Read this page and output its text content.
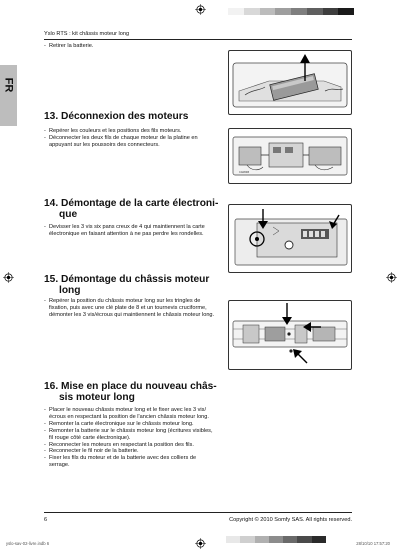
Yslo RTS : kit châssis moteur long
FR
- Retirer la batterie.
13. Déconnexion des moteurs
- Repérer les couleurs et les positions des fils moteurs.
- Déconnecter les deux fils de chaque moteur de la platine en appuyant sur les poussoirs des connecteurs.
14. Démontage de la carte électroni-
que
- Devisser les 3 vis six pans creux de 4 qui maintiennent la carte électronique en faisant attention à ne pas perdre les rondelles.
15. Démontage du châssis moteur
long
- Repérer la position du châssis moteur long sur les tringles de fixation, puis avec une clé plate de 8 et un tournevis cruciforme, démonter les 3 vis/écrous qui maintiennent le châssis moteur long.
16. Mise en place du nouveau châs-
sis moteur long
- Placer le nouveau châssis moteur long et le fixer avec les 3 vis/écrous en respectant la position de l'ancien châssis moteur long.
- Remonter la carte électronique sur le châssis moteur long.
- Remonter la batterie sur le châssis moteur long (écritures visibles, fil rouge côté carte électronique).
- Reconnecter les moteurs en respectant la position des fils.
- Reconnecter le fil noir de la batterie.
- Fixer les fils du moteur et de la batterie avec des colliers de serrage.
CAR04B
6	Copyright © 2010 Somfy SAS. All rights reserved.
yslo-sav-02-livre.indb 6	28/10/10 17:57:20
